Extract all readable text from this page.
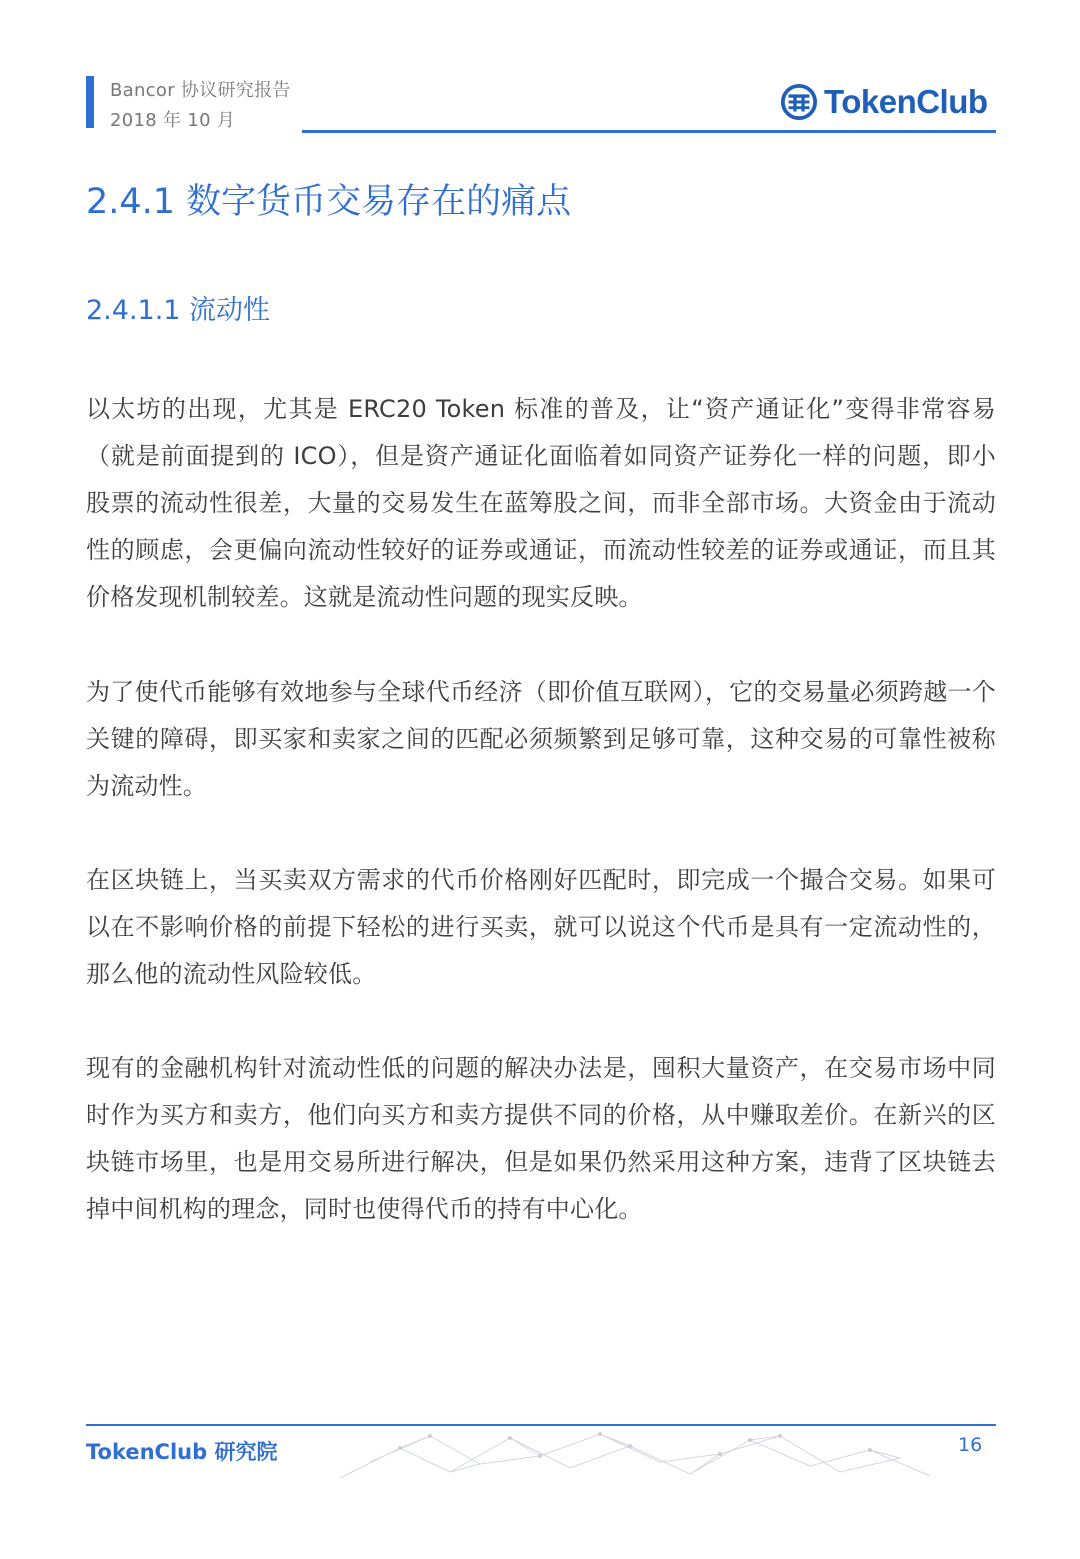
Bancor 协议研究报告
2018 年 10 月
TokenClub
2.4.1 数字货币交易存在的痛点
2.4.1.1 流动性
以太坊的出现，尤其是 ERC20 Token 标准的普及，让“资产通证化”变得非常容易（就是前面提到的 ICO），但是资产通证化面临着如同资产证券化一样的问题，即小股票的流动性很差，大量的交易发生在蓝筹股之间，而非全部市场。大资金由于流动性的顾虑，会更偏向流动性较好的证券或通证，而流动性较差的证券或通证，而且其价格发现机制较差。这就是流动性问题的现实反映。
为了使代币能够有效地参与全球代币经济（即价值互联网），它的交易量必须跨越一个关键的障碍，即买家和卖家之间的匹配必须频繁到足够可靠，这种交易的可靠性被称为流动性。
在区块链上，当买卖双方需求的代币价格刚好匹配时，即完成一个撮合交易。如果可以在不影响价格的前提下轻松的进行买卖，就可以说这个代币是具有一定流动性的，那么他的流动性风险较低。
现有的金融机构针对流动性低的问题的解决办法是，囤积大量资产，在交易市场中同时作为买方和卖方，他们向买方和卖方提供不同的价格，从中赚取差价。在新兴的区块链市场里，也是用交易所进行解决，但是如果仍然采用这种方案，违背了区块链去掉中间机构的理念，同时也使得代币的持有中心化。
TokenClub 研究院	16
